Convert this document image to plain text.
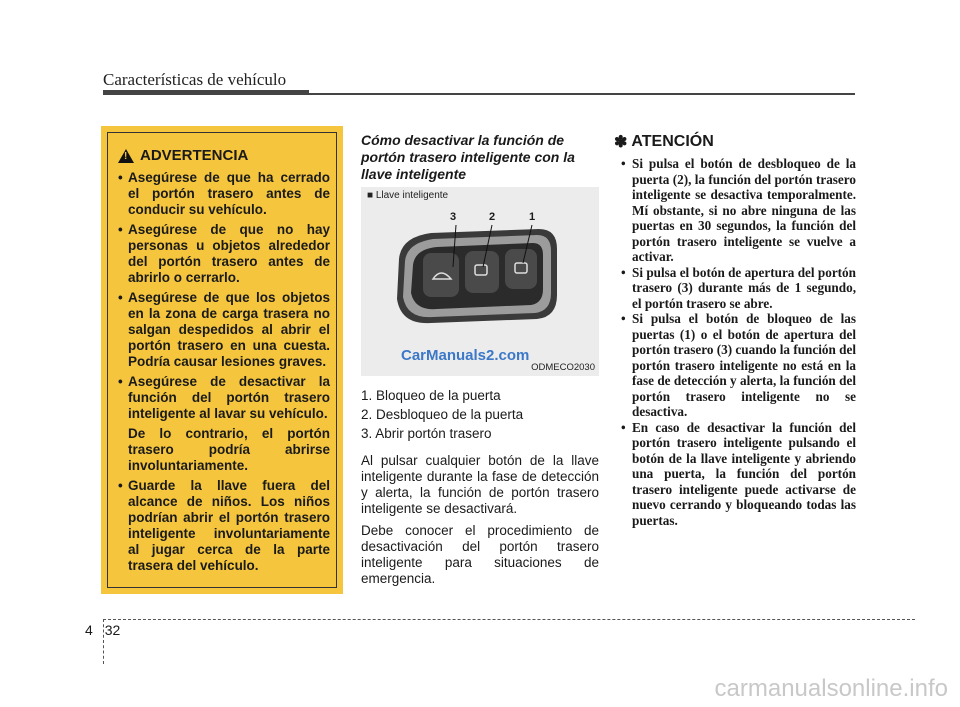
Características de vehículo
!
ADVERTENCIA
• Asegúrese de que ha cerrado el portón trasero antes de conducir su vehículo.
• Asegúrese de que no hay personas u objetos alrededor del portón trasero antes de abrirlo o cerrarlo.
• Asegúrese de que los objetos en la zona de carga trasera no salgan despedidos al abrir el portón trasero en una cuesta. Podría causar lesiones graves.
• Asegúrese de desactivar la función del portón trasero inteligente al lavar su vehículo.
De lo contrario, el portón trasero podría abrirse involuntariamente.
• Guarde la llave fuera del alcance de niños. Los niños podrían abrir el portón trasero inteligente involuntariamente al jugar cerca de la parte trasera del vehículo.

Cómo desactivar la función de portón trasero inteligente con la llave inteligente

■ Llave inteligente
3	2	1
CarManuals2.com
ODMECO2030
1. Bloqueo de la puerta
2. Desbloqueo de la puerta
3. Abrir portón trasero

Al pulsar cualquier botón de la llave inteligente durante la fase de detección y alerta, la función de portón trasero inteligente se desactivará.

Debe conocer el procedimiento de desactivación del portón trasero inteligente para situaciones de emergencia.

✽ ATENCIÓN
• Si pulsa el botón de desbloqueo de la puerta (2), la función del portón trasero inteligente se desactiva temporalmente. Mí obstante, si no abre ninguna de las puertas en 30 segundos, la función del portón trasero inteligente se vuelve a activar.
• Si pulsa el botón de apertura del portón trasero (3) durante más de 1 segundo, el portón trasero se abre.
• Si pulsa el botón de bloqueo de las puertas (1) o el botón de apertura del portón trasero (3) cuando la función del portón trasero inteligente no está en la fase de detección y alerta, la función del portón trasero inteligente no se desactiva.
• En caso de desactivar la función del portón trasero inteligente pulsando el botón de la llave inteligente y abriendo una puerta, la función del portón trasero inteligente puede activarse de nuevo cerrando y bloqueando todas las puertas.
4 32
carmanualsonline.info
